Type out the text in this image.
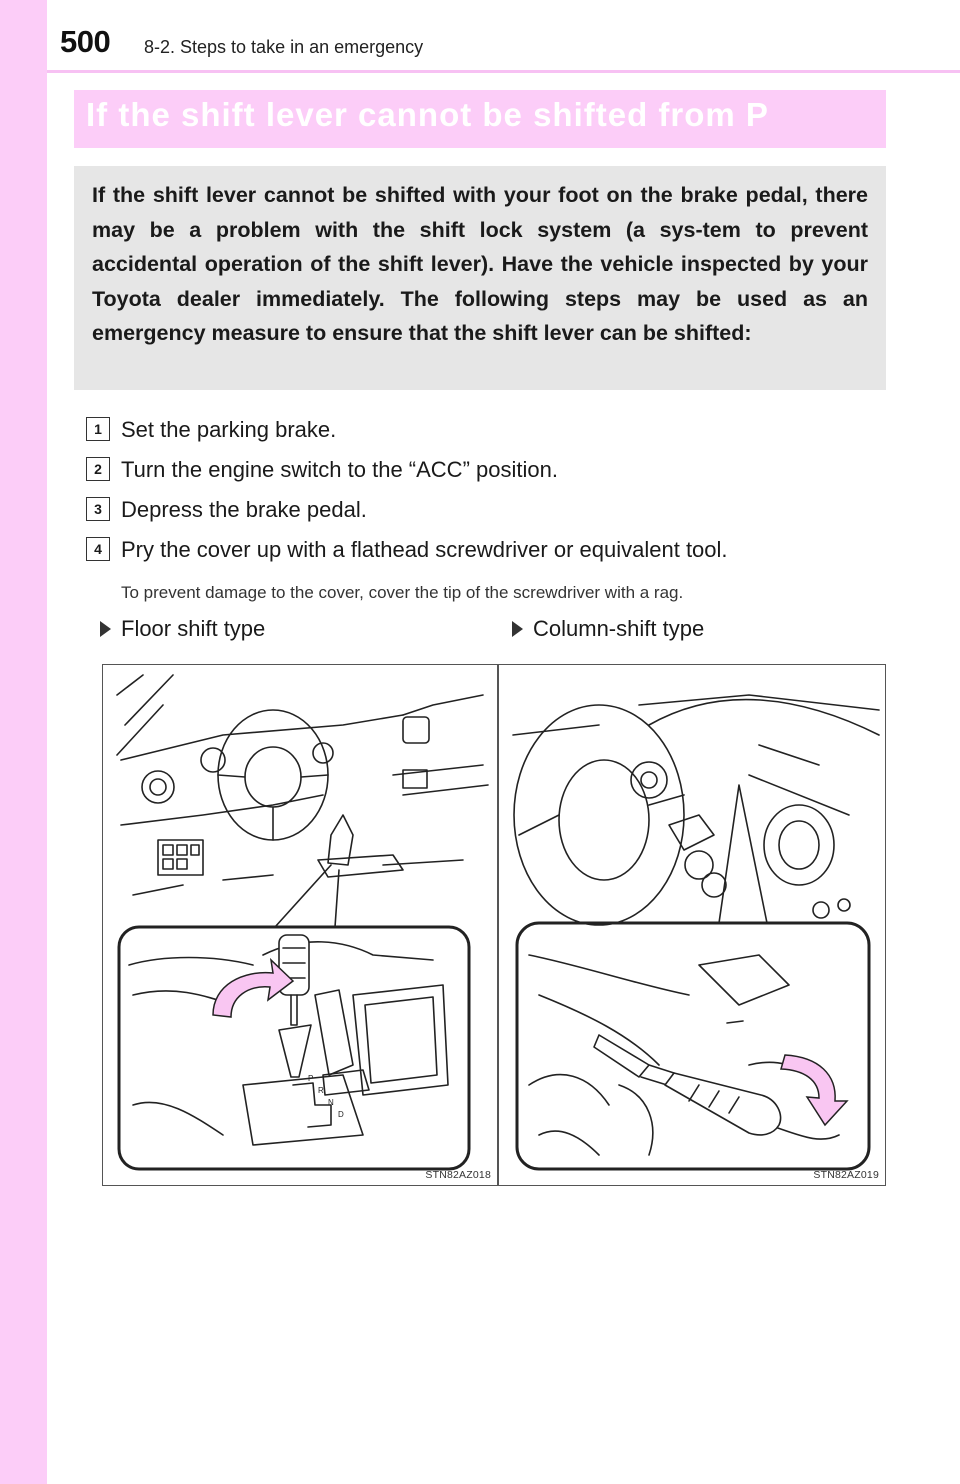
500 8-2. Steps to take in an emergency
If the shift lever cannot be shifted from P
If the shift lever cannot be shifted with your foot on the brake pedal, there may be a problem with the shift lock system (a sys-tem to prevent accidental operation of the shift lever). Have the vehicle inspected by your Toyota dealer immediately. The following steps may be used as an emergency measure to ensure that the shift lever can be shifted:
1 Set the parking brake.
2 Turn the engine switch to the “ACC” position.
3 Depress the brake pedal.
4 Pry the cover up with a flathead screwdriver or equivalent tool.
To prevent damage to the cover, cover the tip of the screwdriver with a rag.
Floor shift type	Column-shift type
P
R
N
D
STN82AZ018	STN82AZ019
